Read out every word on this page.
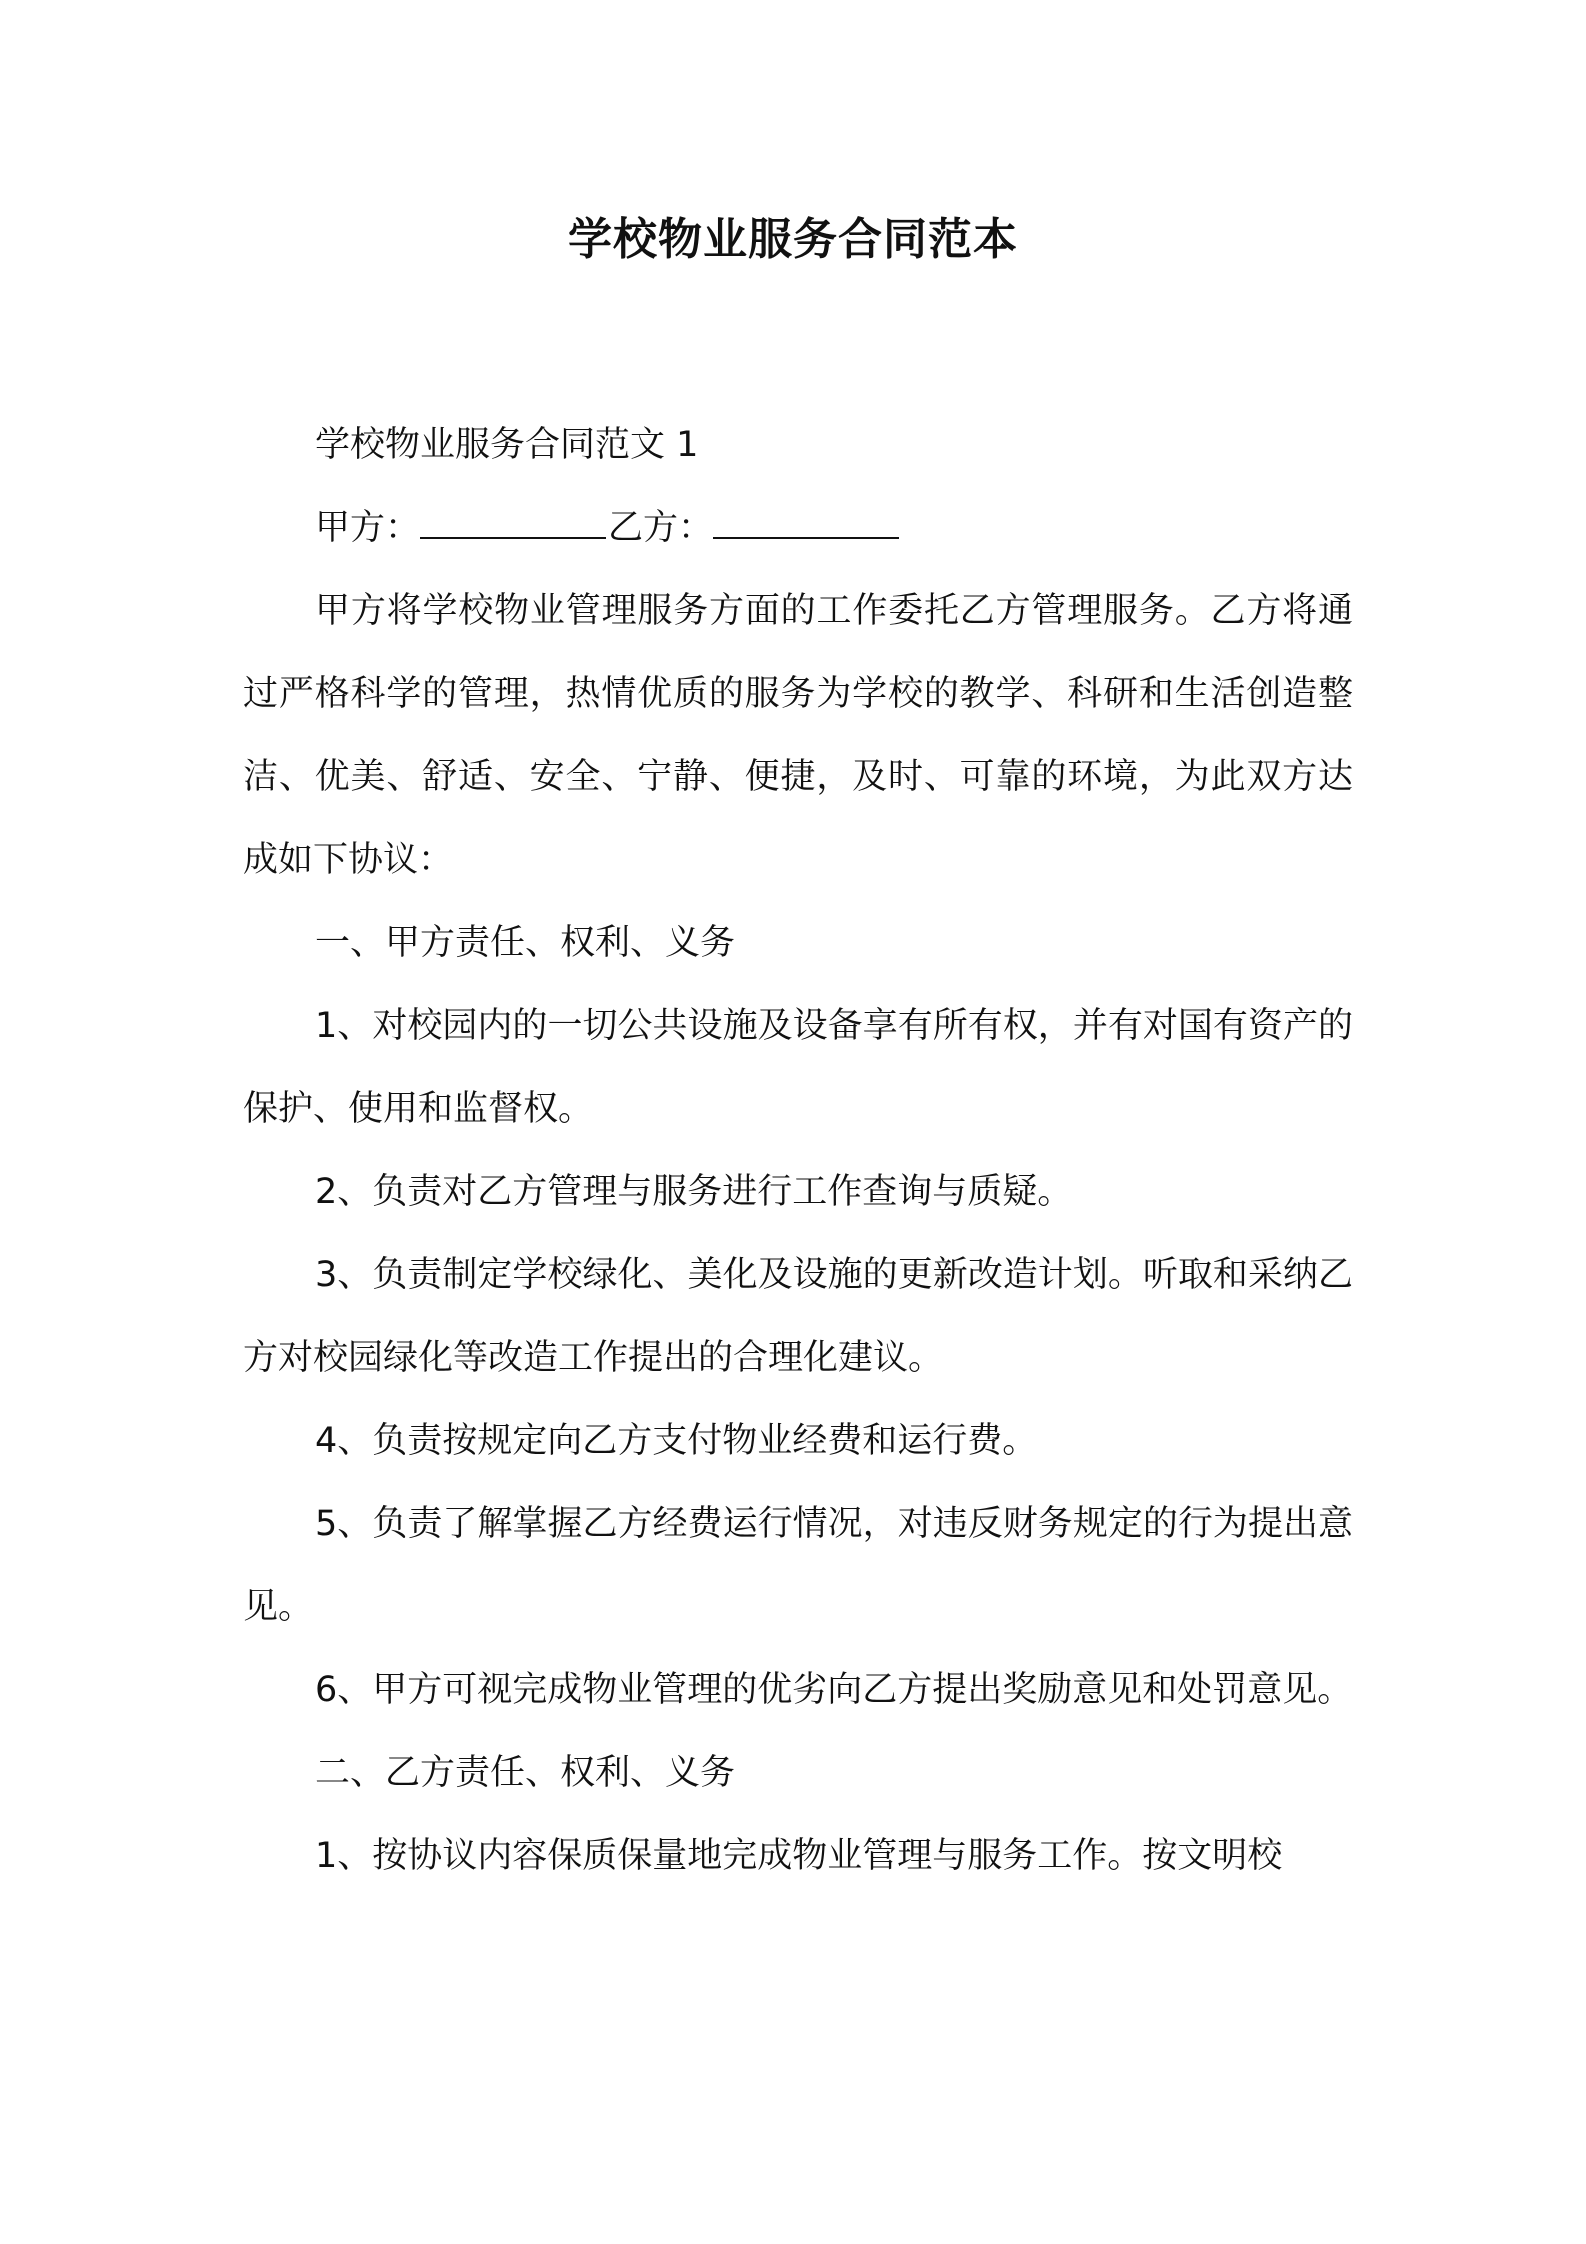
学校物业服务合同范本

学校物业服务合同范文 1

甲方：	乙方：

甲方将学校物业管理服务方面的工作委托乙方管理服务。乙方将通过严格科学的管理，热情优质的服务为学校的教学、科研和生活创造整洁、优美、舒适、安全、宁静、便捷，及时、可靠的环境，为此双方达成如下协议：

一、甲方责任、权利、义务

1、对校园内的一切公共设施及设备享有所有权，并有对国有资产的保护、使用和监督权。

2、负责对乙方管理与服务进行工作查询与质疑。

3、负责制定学校绿化、美化及设施的更新改造计划。听取和采纳乙方对校园绿化等改造工作提出的合理化建议。

4、负责按规定向乙方支付物业经费和运行费。

5、负责了解掌握乙方经费运行情况，对违反财务规定的行为提出意见。

6、甲方可视完成物业管理的优劣向乙方提出奖励意见和处罚意见。

二、乙方责任、权利、义务

1、按协议内容保质保量地完成物业管理与服务工作。按文明校
